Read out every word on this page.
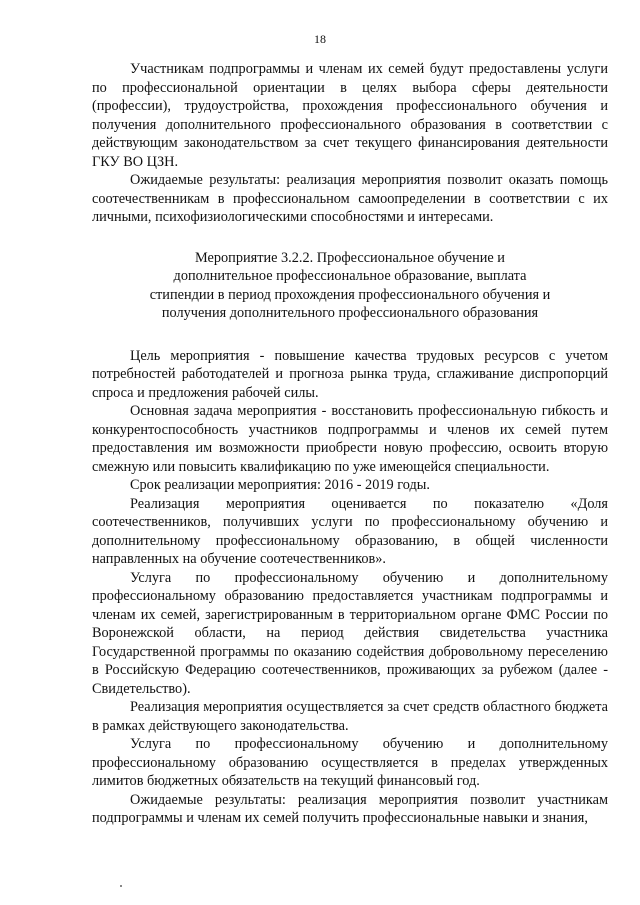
18

Участникам подпрограммы и членам их семей будут предоставлены услуги по профессиональной ориентации в целях выбора сферы деятельности (профессии), трудоустройства, прохождения профессионального обучения и получения дополнительного профессионального образования в соответствии с действующим законодательством за счет текущего финансирования деятельности ГКУ ВО ЦЗН.

Ожидаемые результаты: реализация мероприятия позволит оказать помощь соотечественникам в профессиональном самоопределении в соответствии с их личными, психофизиологическими способностями и интересами.

Мероприятие 3.2.2. Профессиональное обучение и
дополнительное профессиональное образование, выплата
стипендии в период прохождения профессионального обучения и
получения дополнительного профессионального образования

Цель мероприятия - повышение качества трудовых ресурсов с учетом потребностей работодателей и прогноза рынка труда, сглаживание диспропорций спроса и предложения рабочей силы.

Основная задача мероприятия - восстановить профессиональную гибкость и конкурентоспособность участников подпрограммы и членов их семей путем предоставления им возможности приобрести новую профессию, освоить вторую смежную или повысить квалификацию по уже имеющейся специальности.

Срок реализации мероприятия: 2016 - 2019 годы.

Реализация мероприятия оценивается по показателю «Доля соотечественников, получивших услуги по профессиональному обучению и дополнительному профессиональному образованию, в общей численности направленных на обучение соотечественников».

Услуга по профессиональному обучению и дополнительному профессиональному образованию предоставляется участникам подпрограммы и членам их семей, зарегистрированным в территориальном органе ФМС России по Воронежской области, на период действия свидетельства участника Государственной программы по оказанию содействия добровольному переселению в Российскую Федерацию соотечественников, проживающих за рубежом (далее - Свидетельство).

Реализация мероприятия осуществляется за счет средств областного бюджета в рамках действующего законодательства.

Услуга по профессиональному обучению и дополнительному профессиональному образованию осуществляется в пределах утвержденных лимитов бюджетных обязательств на текущий финансовый год.

Ожидаемые результаты: реализация мероприятия позволит участникам подпрограммы и членам их семей получить профессиональные навыки и знания,
